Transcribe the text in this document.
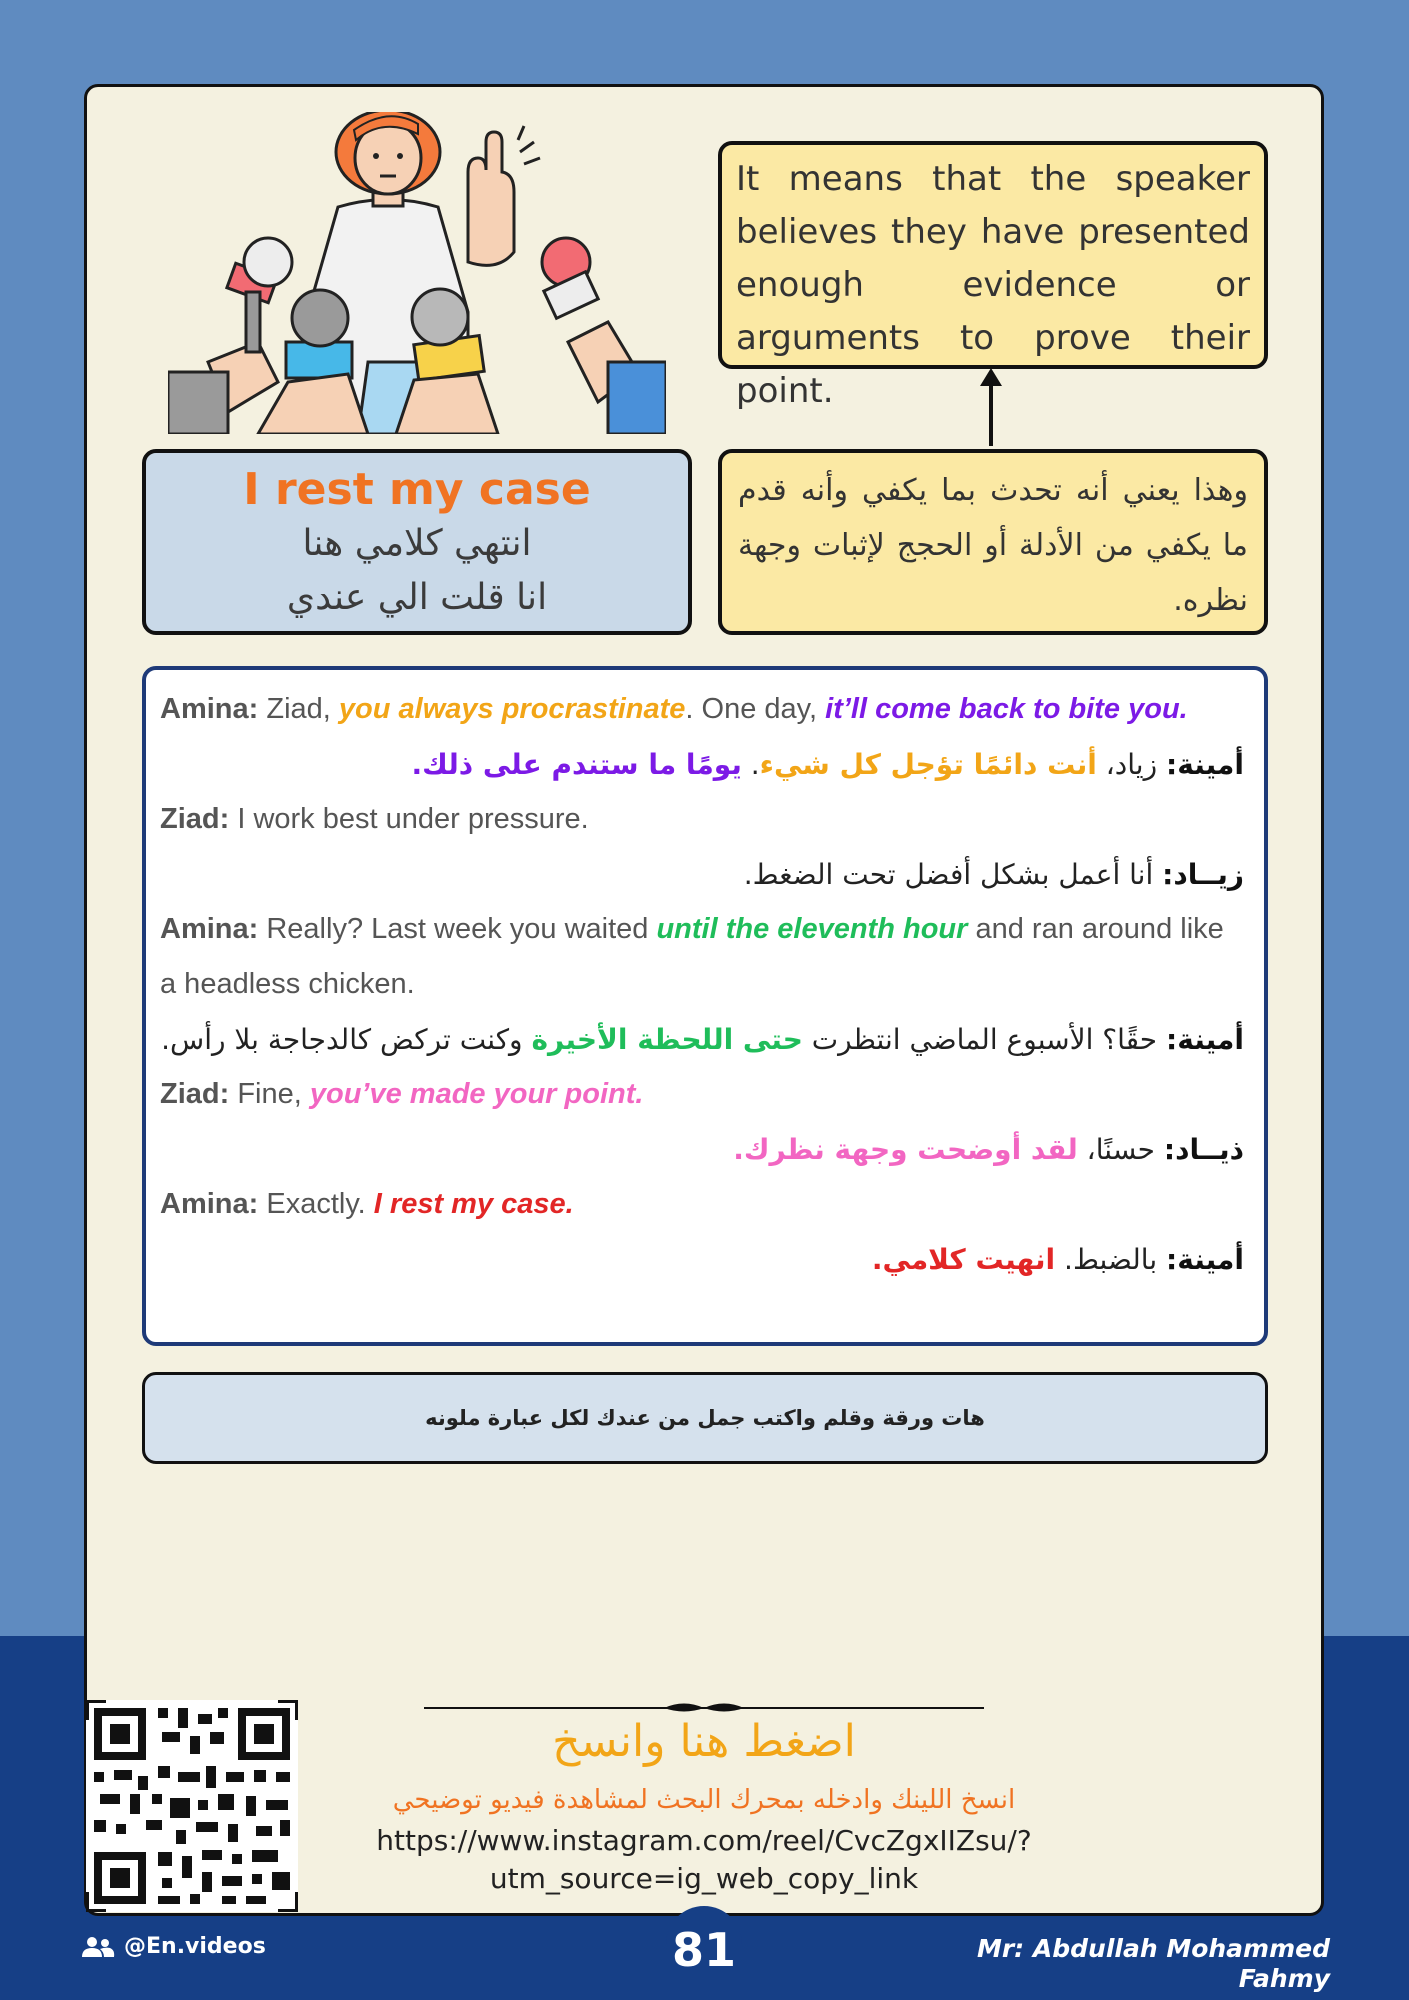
I rest my case
انتهي كلامي هنا
انا قلت الي عندي
It means that the speaker believes they have presented enough evidence or arguments to prove their point.
وهذا يعني أنه تحدث بما يكفي وأنه قدم ما يكفي من الأدلة أو الحجج لإثبات وجهة نظره.
Amina: Ziad, you always procrastinate. One day, it’ll come back to bite you.
أمينة: زياد، أنت دائمًا تؤجل كل شيء. يومًا ما ستندم على ذلك.
Ziad: I work best under pressure.
زيــاد: أنا أعمل بشكل أفضل تحت الضغط.
Amina: Really? Last week you waited until the eleventh hour and ran around like a headless chicken.
أمينة: حقًا؟ الأسبوع الماضي انتظرت حتى اللحظة الأخيرة وكنت تركض كالدجاجة بلا رأس.
Ziad: Fine, you’ve made your point.
ذيــاد: حسنًا، لقد أوضحت وجهة نظرك.
Amina: Exactly. I rest my case.
أمينة: بالضبط. انهيت كلامي.
هات ورقة وقلم واكتب جمل من عندك لكل عبارة ملونه
اضغط هنا وانسخ
انسخ اللينك وادخله بمحرك البحث لمشاهدة فيديو توضيحي
https://www.instagram.com/reel/CvcZgxIIZsu/?
utm_source=ig_web_copy_link
@En.videos	81	Mr: Abdullah Mohammed Fahmy
